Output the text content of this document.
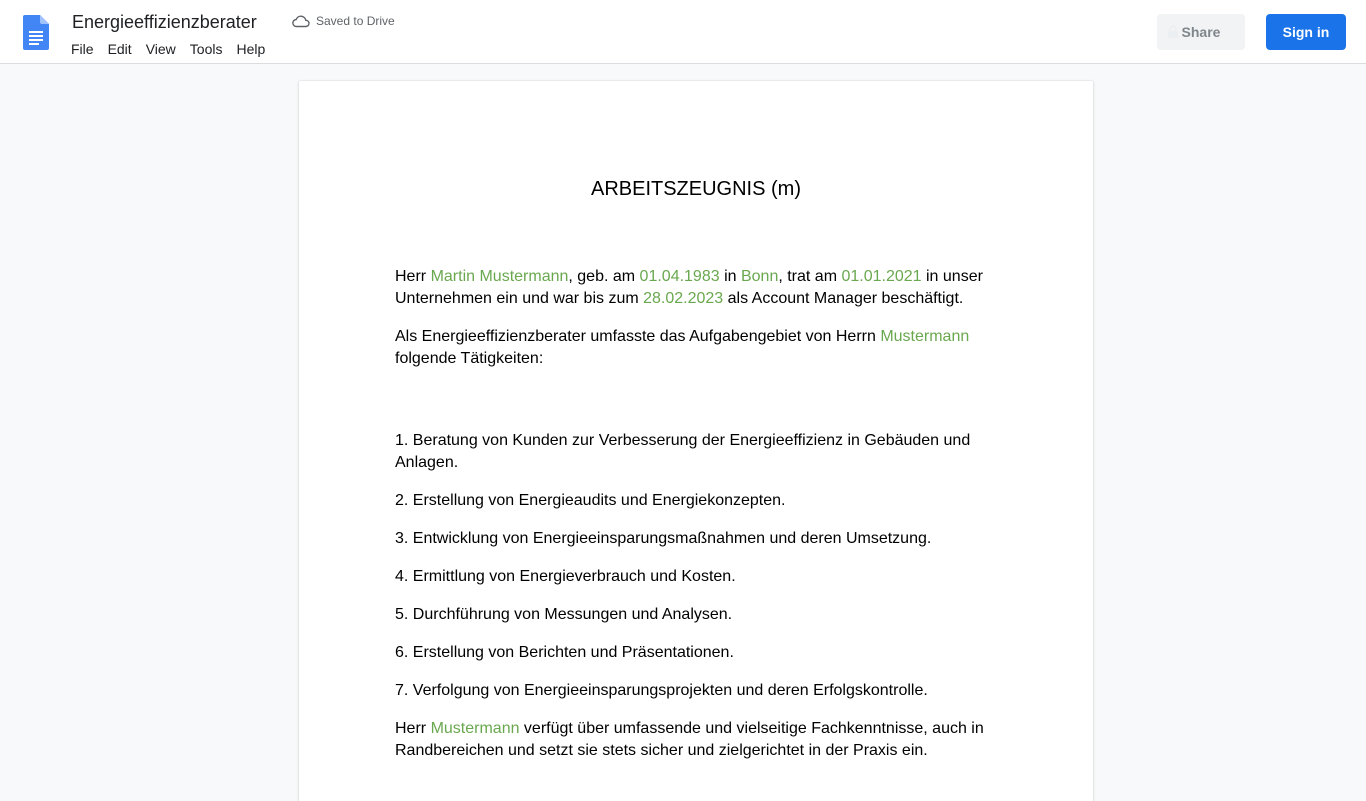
Energieeffizienzberater	Saved to Drive
File	Edit	View	Tools	Help
Share	Sign in
ARBEITSZEUGNIS (m)

Herr Martin Mustermann, geb. am 01.04.1983 in Bonn, trat am 01.01.2021 in unser Unternehmen ein und war bis zum 28.02.2023 als Account Manager beschäftigt.

Als Energieeffizienzberater umfasste das Aufgabengebiet von Herrn Mustermann folgende Tätigkeiten:

1. Beratung von Kunden zur Verbesserung der Energieeffizienz in Gebäuden und Anlagen.

2. Erstellung von Energieaudits und Energiekonzepten.

3. Entwicklung von Energieeinsparungsmaßnahmen und deren Umsetzung.

4. Ermittlung von Energieverbrauch und Kosten.

5. Durchführung von Messungen und Analysen.

6. Erstellung von Berichten und Präsentationen.

7. Verfolgung von Energieeinsparungsprojekten und deren Erfolgskontrolle.

Herr Mustermann verfügt über umfassende und vielseitige Fachkenntnisse, auch in Randbereichen und setzt sie stets sicher und zielgerichtet in der Praxis ein.
